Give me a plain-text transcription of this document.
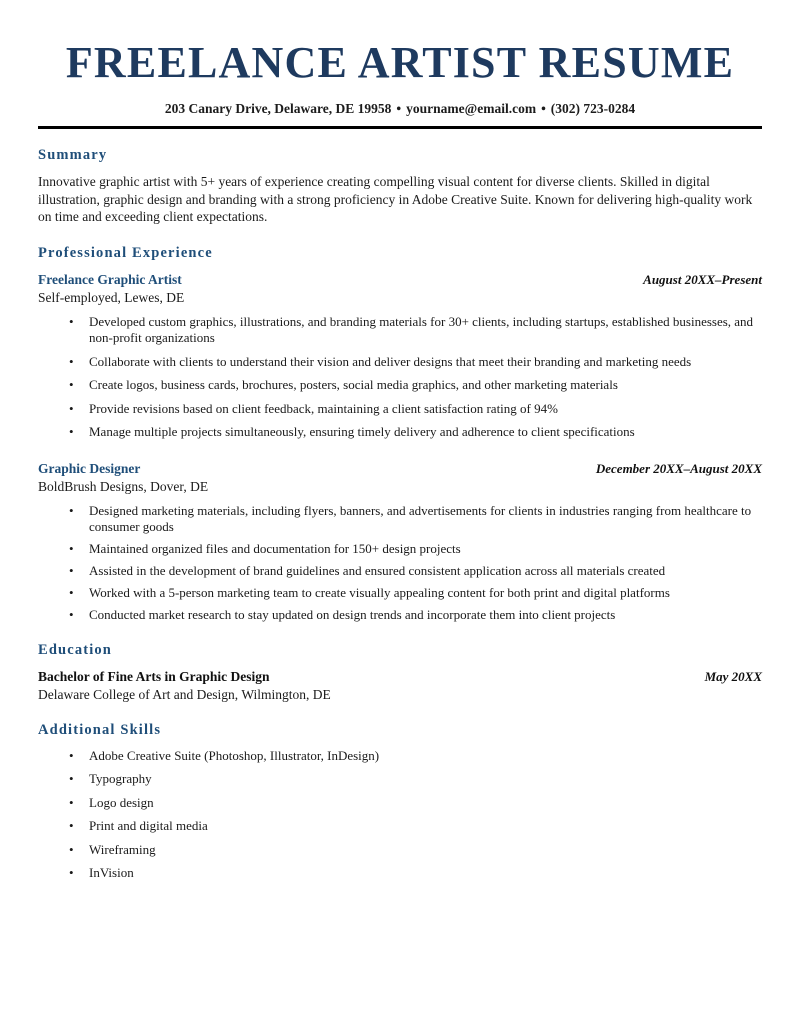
FREELANCE ARTIST RESUME
203 Canary Drive, Delaware, DE 19958 • yourname@email.com • (302) 723-0284
Summary

Innovative graphic artist with 5+ years of experience creating compelling visual content for diverse clients. Skilled in digital illustration, graphic design and branding with a strong proficiency in Adobe Creative Suite. Known for delivering high-quality work on time and exceeding client expectations.

Professional Experience
Freelance Graphic Artist	August 20XX–Present
Self-employed, Lewes, DE
• Developed custom graphics, illustrations, and branding materials for 30+ clients, including startups, established businesses, and non-profit organizations
• Collaborate with clients to understand their vision and deliver designs that meet their branding and marketing needs
• Create logos, business cards, brochures, posters, social media graphics, and other marketing materials
• Provide revisions based on client feedback, maintaining a client satisfaction rating of 94%
• Manage multiple projects simultaneously, ensuring timely delivery and adherence to client specifications
Graphic Designer	December 20XX–August 20XX
BoldBrush Designs, Dover, DE
• Designed marketing materials, including flyers, banners, and advertisements for clients in industries ranging from healthcare to consumer goods
• Maintained organized files and documentation for 150+ design projects
• Assisted in the development of brand guidelines and ensured consistent application across all materials created
• Worked with a 5-person marketing team to create visually appealing content for both print and digital platforms
• Conducted market research to stay updated on design trends and incorporate them into client projects
Education
Bachelor of Fine Arts in Graphic Design	May 20XX
Delaware College of Art and Design, Wilmington, DE
Additional Skills
• Adobe Creative Suite (Photoshop, Illustrator, InDesign)
• Typography
• Logo design
• Print and digital media
• Wireframing
• InVision
